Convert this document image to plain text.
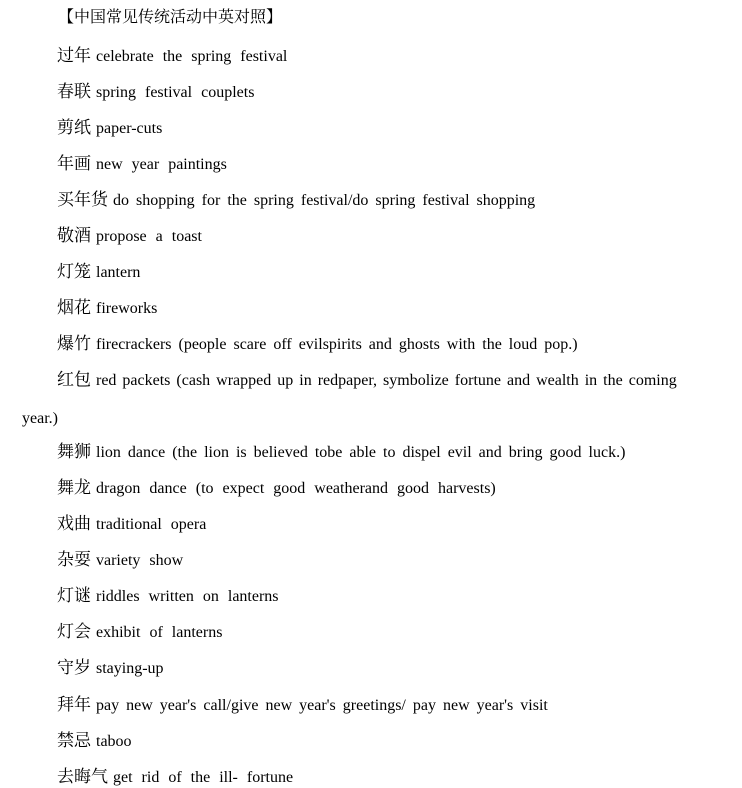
【中国常见传统活动中英对照】
过年 celebrate the spring festival
春联 spring festival couplets
剪纸 paper-cuts
年画 new year paintings
买年货 do shopping for the spring festival/do spring festival shopping
敬酒 propose a toast
灯笼 lantern
烟花 fireworks
爆竹 firecrackers (people scare off evilspirits and ghosts with the loud pop.)
红包 red packets (cash wrapped up in redpaper, symbolize fortune and wealth in the coming
year.)
舞狮 lion dance (the lion is believed tobe able to dispel evil and bring good luck.)
舞龙 dragon dance (to expect good weatherand good harvests)
戏曲 traditional opera
杂耍 variety show
灯谜 riddles written on lanterns
灯会 exhibit of lanterns
守岁 staying-up
拜年 pay new year's call/give new year's greetings/ pay new year's visit
禁忌 taboo
去晦气 get rid of the ill- fortune
